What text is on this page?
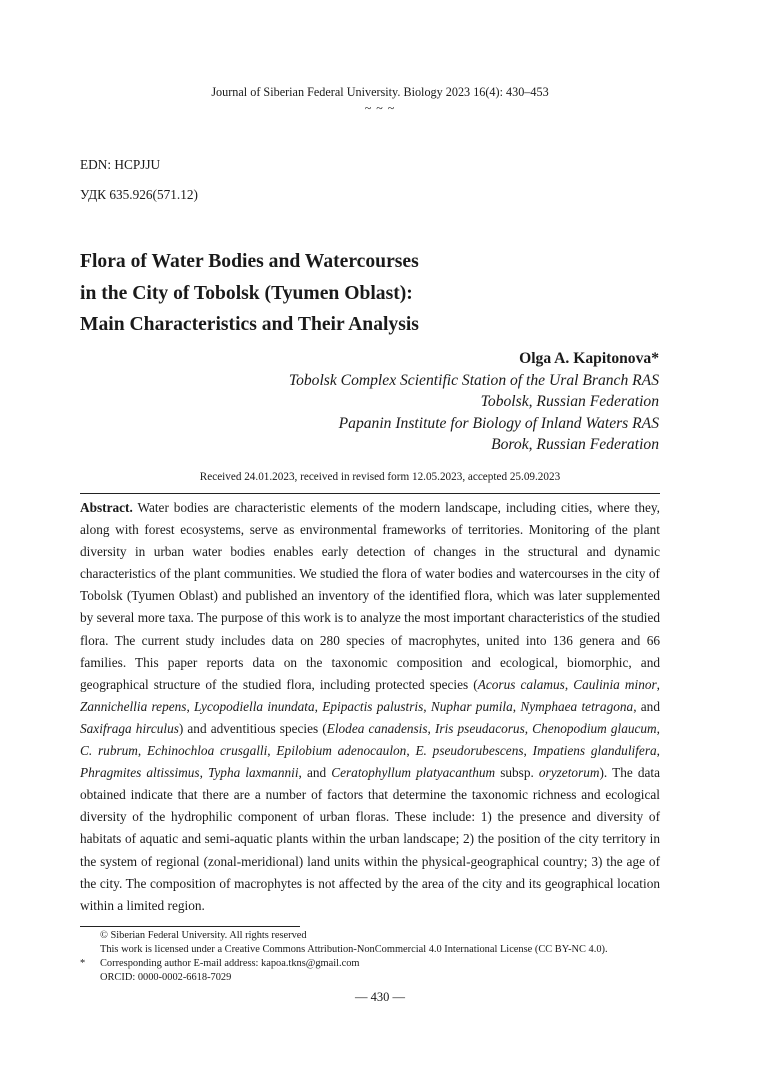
Journal of Siberian Federal University. Biology 2023 16(4): 430–453
~ ~ ~
EDN: HCPJJU
УДК 635.926(571.12)
Flora of Water Bodies and Watercourses
in the City of Tobolsk (Tyumen Oblast):
Main Characteristics and Their Analysis
Olga A. Kapitonova*
Tobolsk Complex Scientific Station of the Ural Branch RAS
Tobolsk, Russian Federation
Papanin Institute for Biology of Inland Waters RAS
Borok, Russian Federation
Received 24.01.2023, received in revised form 12.05.2023, accepted 25.09.2023
Abstract. Water bodies are characteristic elements of the modern landscape, including cities, where they, along with forest ecosystems, serve as environmental frameworks of territories. Monitoring of the plant diversity in urban water bodies enables early detection of changes in the structural and dynamic characteristics of the plant communities. We studied the flora of water bodies and watercourses in the city of Tobolsk (Tyumen Oblast) and published an inventory of the identified flora, which was later supplemented by several more taxa. The purpose of this work is to analyze the most important characteristics of the studied flora. The current study includes data on 280 species of macrophytes, united into 136 genera and 66 families. This paper reports data on the taxonomic composition and ecological, biomorphic, and geographical structure of the studied flora, including protected species (Acorus calamus, Caulinia minor, Zannichellia repens, Lycopodiella inundata, Epipactis palustris, Nuphar pumila, Nymphaea tetragona, and Saxifraga hirculus) and adventitious species (Elodea canadensis, Iris pseudacorus, Chenopodium glaucum, C. rubrum, Echinochloa crusgalli, Epilobium adenocaulon, E. pseudorubescens, Impatiens glandulifera, Phragmites altissimus, Typha laxmannii, and Ceratophyllum platyacanthum subsp. oryzetorum). The data obtained indicate that there are a number of factors that determine the taxonomic richness and ecological diversity of the hydrophilic component of urban floras. These include: 1) the presence and diversity of habitats of aquatic and semi-aquatic plants within the urban landscape; 2) the position of the city territory in the system of regional (zonal-meridional) land units within the physical-geographical country; 3) the age of the city. The composition of macrophytes is not affected by the area of the city and its geographical location within a limited region.
© Siberian Federal University. All rights reserved
This work is licensed under a Creative Commons Attribution-NonCommercial 4.0 International License (CC BY-NC 4.0).
* Corresponding author E-mail address: kapoa.tkns@gmail.com
ORCID: 0000-0002-6618-7029
— 430 —
